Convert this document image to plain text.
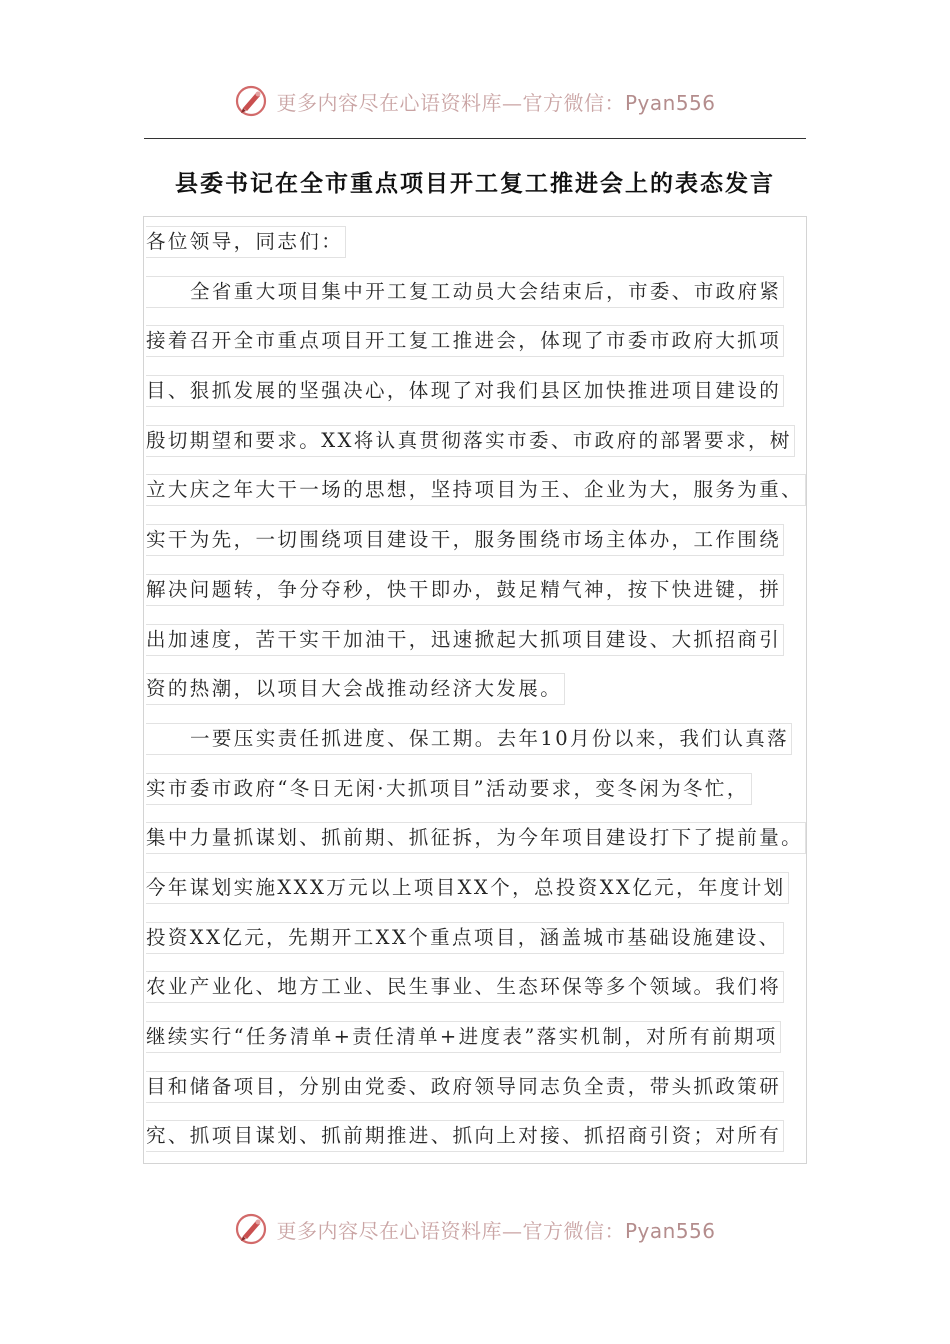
更多内容尽在心语资料库—官方微信：Pyan556
县委书记在全市重点项目开工复工推进会上的表态发言
各位领导，同志们：
全省重大项目集中开工复工动员大会结束后，市委、市政府紧
接着召开全市重点项目开工复工推进会，体现了市委市政府大抓项
目、狠抓发展的坚强决心，体现了对我们县区加快推进项目建设的
殷切期望和要求。XX将认真贯彻落实市委、市政府的部署要求，树
立大庆之年大干一场的思想，坚持项目为王、企业为大，服务为重、
实干为先，一切围绕项目建设干，服务围绕市场主体办，工作围绕
解决问题转，争分夺秒，快干即办，鼓足精气神，按下快进键，拼
出加速度，苦干实干加油干，迅速掀起大抓项目建设、大抓招商引
资的热潮，以项目大会战推动经济大发展。
一要压实责任抓进度、保工期。去年10月份以来，我们认真落
实市委市政府“冬日无闲·大抓项目”活动要求，变冬闲为冬忙，
集中力量抓谋划、抓前期、抓征拆，为今年项目建设打下了提前量。
今年谋划实施XXX万元以上项目XX个，总投资XX亿元，年度计划
投资XX亿元，先期开工XX个重点项目，涵盖城市基础设施建设、
农业产业化、地方工业、民生事业、生态环保等多个领域。我们将
继续实行“任务清单+责任清单+进度表”落实机制，对所有前期项
目和储备项目，分别由党委、政府领导同志负全责，带头抓政策研
究、抓项目谋划、抓前期推进、抓向上对接、抓招商引资；对所有
更多内容尽在心语资料库—官方微信：Pyan556
